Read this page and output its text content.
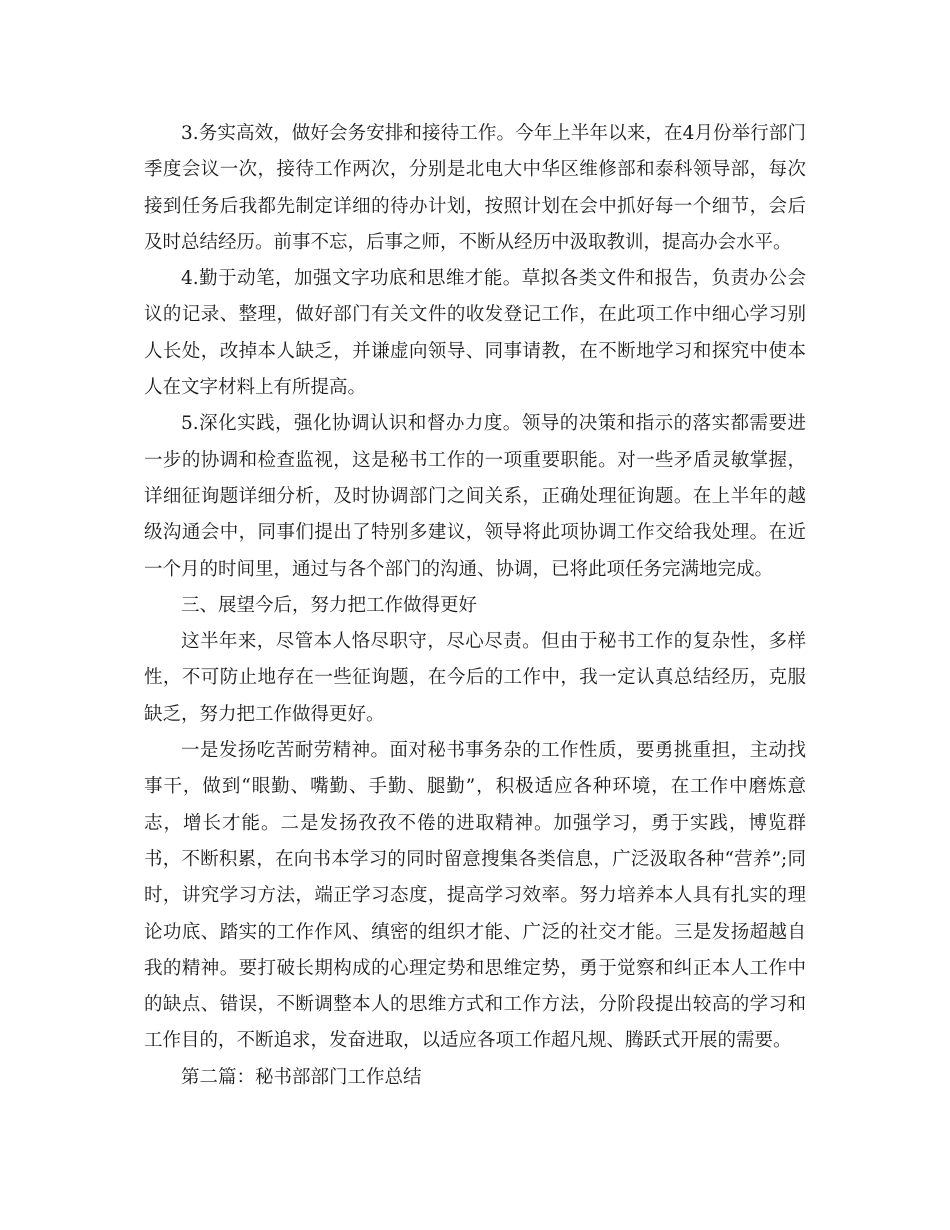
3.务实高效，做好会务安排和接待工作。今年上半年以来，在4月份举行部门季度会议一次，接待工作两次，分别是北电大中华区维修部和泰科领导部，每次接到任务后我都先制定详细的待办计划，按照计划在会中抓好每一个细节，会后及时总结经历。前事不忘，后事之师，不断从经历中汲取教训，提高办会水平。

4.勤于动笔，加强文字功底和思维才能。草拟各类文件和报告，负责办公会议的记录、整理，做好部门有关文件的收发登记工作，在此项工作中细心学习别人长处，改掉本人缺乏，并谦虚向领导、同事请教，在不断地学习和探究中使本人在文字材料上有所提高。

5.深化实践，强化协调认识和督办力度。领导的决策和指示的落实都需要进一步的协调和检查监视，这是秘书工作的一项重要职能。对一些矛盾灵敏掌握，详细征询题详细分析，及时协调部门之间关系，正确处理征询题。在上半年的越级沟通会中，同事们提出了特别多建议，领导将此项协调工作交给我处理。在近一个月的时间里，通过与各个部门的沟通、协调，已将此项任务完满地完成。

三、展望今后，努力把工作做得更好

这半年来，尽管本人恪尽职守，尽心尽责。但由于秘书工作的复杂性，多样性，不可防止地存在一些征询题，在今后的工作中，我一定认真总结经历，克服缺乏，努力把工作做得更好。

一是发扬吃苦耐劳精神。面对秘书事务杂的工作性质，要勇挑重担，主动找事干，做到“眼勤、嘴勤、手勤、腿勤”，积极适应各种环境，在工作中磨炼意志，增长才能。二是发扬孜孜不倦的进取精神。加强学习，勇于实践，博览群书，不断积累，在向书本学习的同时留意搜集各类信息，广泛汲取各种“营养”;同时，讲究学习方法，端正学习态度，提高学习效率。努力培养本人具有扎实的理论功底、踏实的工作作风、缜密的组织才能、广泛的社交才能。三是发扬超越自我的精神。要打破长期构成的心理定势和思维定势，勇于觉察和纠正本人工作中的缺点、错误，不断调整本人的思维方式和工作方法，分阶段提出较高的学习和工作目的，不断追求，发奋进取，以适应各项工作超凡规、腾跃式开展的需要。

第二篇：秘书部部门工作总结
